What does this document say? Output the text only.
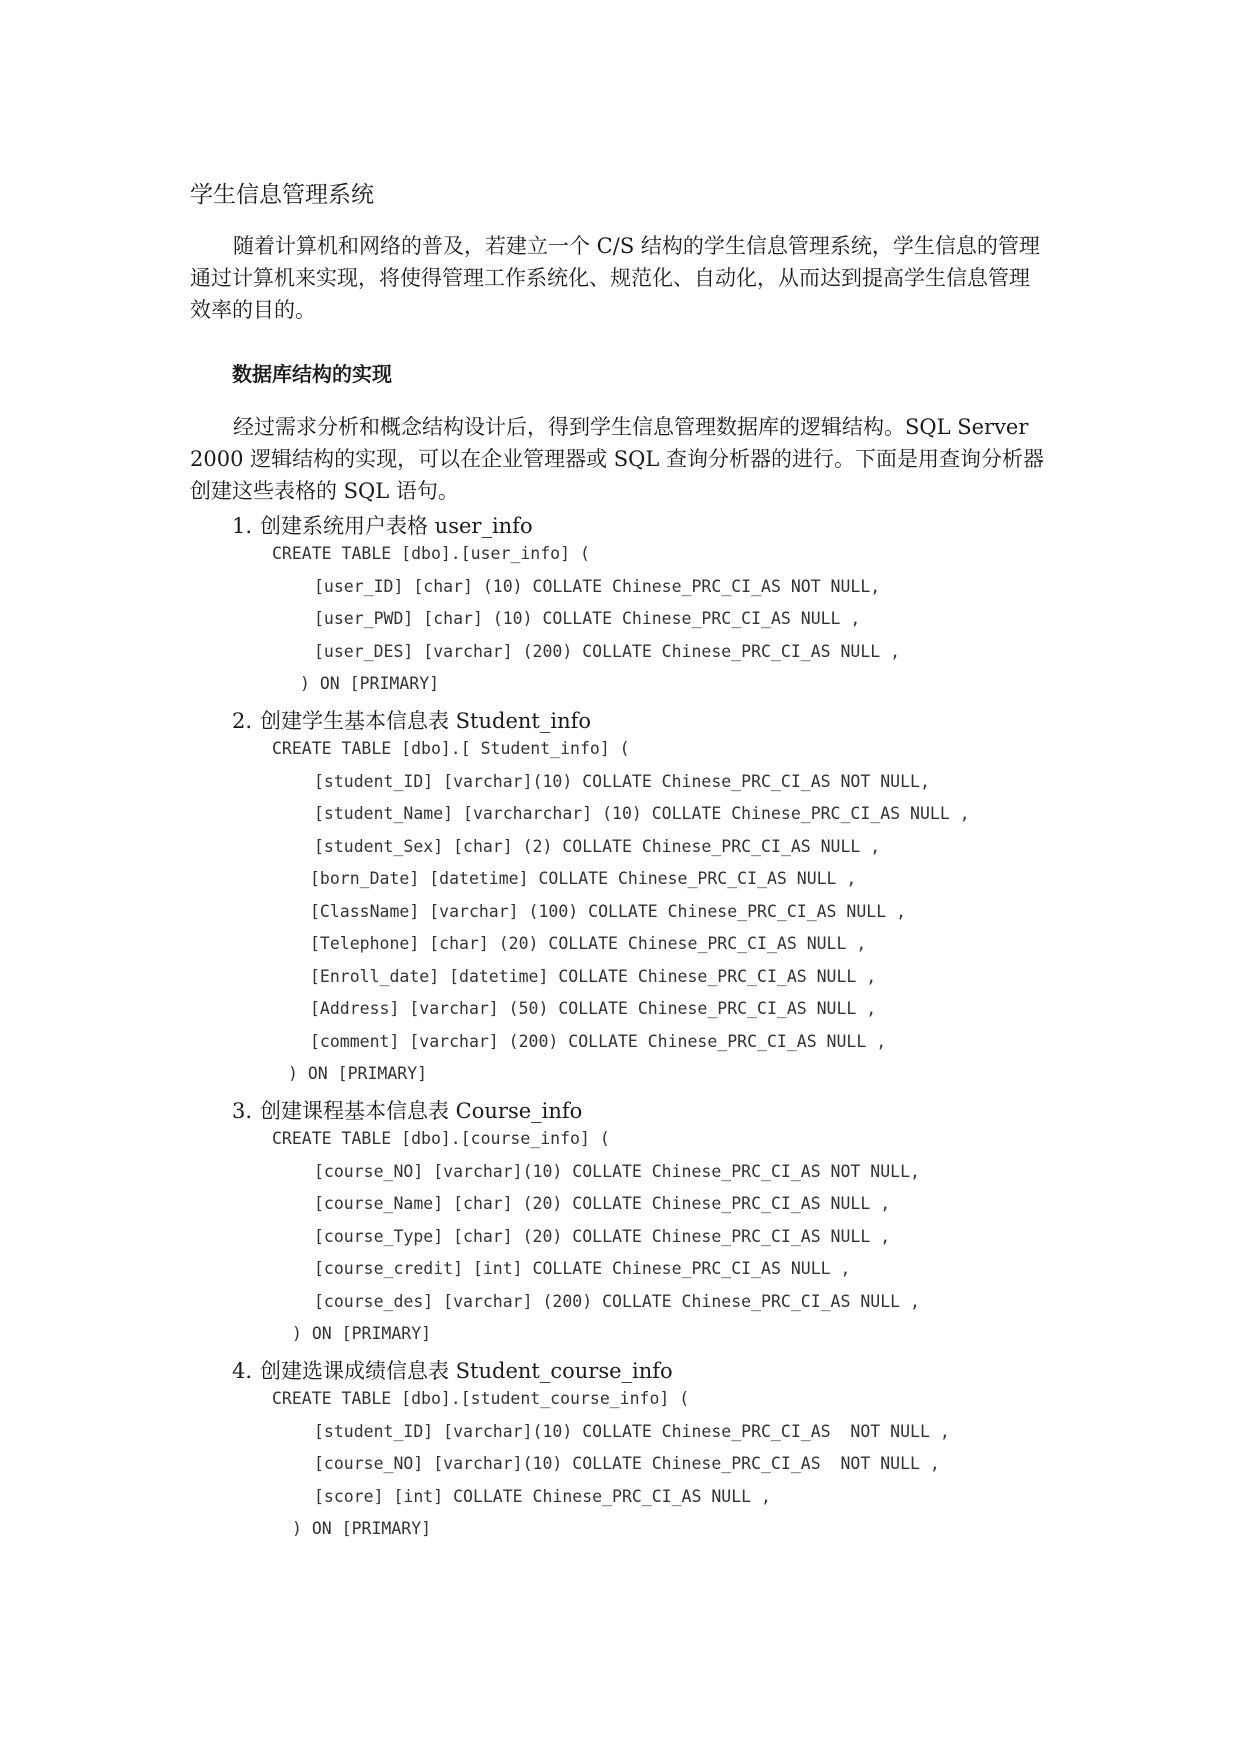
学生信息管理系统

随着计算机和网络的普及，若建立一个 C/S 结构的学生信息管理系统，学生信息的管理
通过计算机来实现，将使得管理工作系统化、规范化、自动化，从而达到提高学生信息管理
效率的目的。

数据库结构的实现

经过需求分析和概念结构设计后，得到学生信息管理数据库的逻辑结构。SQL Server
2000 逻辑结构的实现，可以在企业管理器或 SQL 查询分析器的进行。下面是用查询分析器
创建这些表格的 SQL 语句。

1. 创建系统用户表格 user_info

CREATE TABLE [dbo].[user_info] (
[user_ID] [char] (10) COLLATE Chinese_PRC_CI_AS NOT NULL,
[user_PWD] [char] (10) COLLATE Chinese_PRC_CI_AS NULL ,
[user_DES] [varchar] (200) COLLATE Chinese_PRC_CI_AS NULL ,
) ON [PRIMARY]

2. 创建学生基本信息表 Student_info

CREATE TABLE [dbo].[ Student_info] (
[student_ID] [varchar](10) COLLATE Chinese_PRC_CI_AS NOT NULL,
[student_Name] [varcharchar] (10) COLLATE Chinese_PRC_CI_AS NULL ,
[student_Sex] [char] (2) COLLATE Chinese_PRC_CI_AS NULL ,
[born_Date] [datetime] COLLATE Chinese_PRC_CI_AS NULL ,
[ClassName] [varchar] (100) COLLATE Chinese_PRC_CI_AS NULL ,
[Telephone] [char] (20) COLLATE Chinese_PRC_CI_AS NULL ,
[Enroll_date] [datetime] COLLATE Chinese_PRC_CI_AS NULL ,
[Address] [varchar] (50) COLLATE Chinese_PRC_CI_AS NULL ,
[comment] [varchar] (200) COLLATE Chinese_PRC_CI_AS NULL ,
) ON [PRIMARY]

3. 创建课程基本信息表 Course_info

CREATE TABLE [dbo].[course_info] (
[course_NO] [varchar](10) COLLATE Chinese_PRC_CI_AS NOT NULL,
[course_Name] [char] (20) COLLATE Chinese_PRC_CI_AS NULL ,
[course_Type] [char] (20) COLLATE Chinese_PRC_CI_AS NULL ,
[course_credit] [int] COLLATE Chinese_PRC_CI_AS NULL ,
[course_des] [varchar] (200) COLLATE Chinese_PRC_CI_AS NULL ,
) ON [PRIMARY]

4. 创建选课成绩信息表 Student_course_info

CREATE TABLE [dbo].[student_course_info] (
[student_ID] [varchar](10) COLLATE Chinese_PRC_CI_AS  NOT NULL ,
[course_NO] [varchar](10) COLLATE Chinese_PRC_CI_AS  NOT NULL ,
[score] [int] COLLATE Chinese_PRC_CI_AS NULL ,
) ON [PRIMARY]
